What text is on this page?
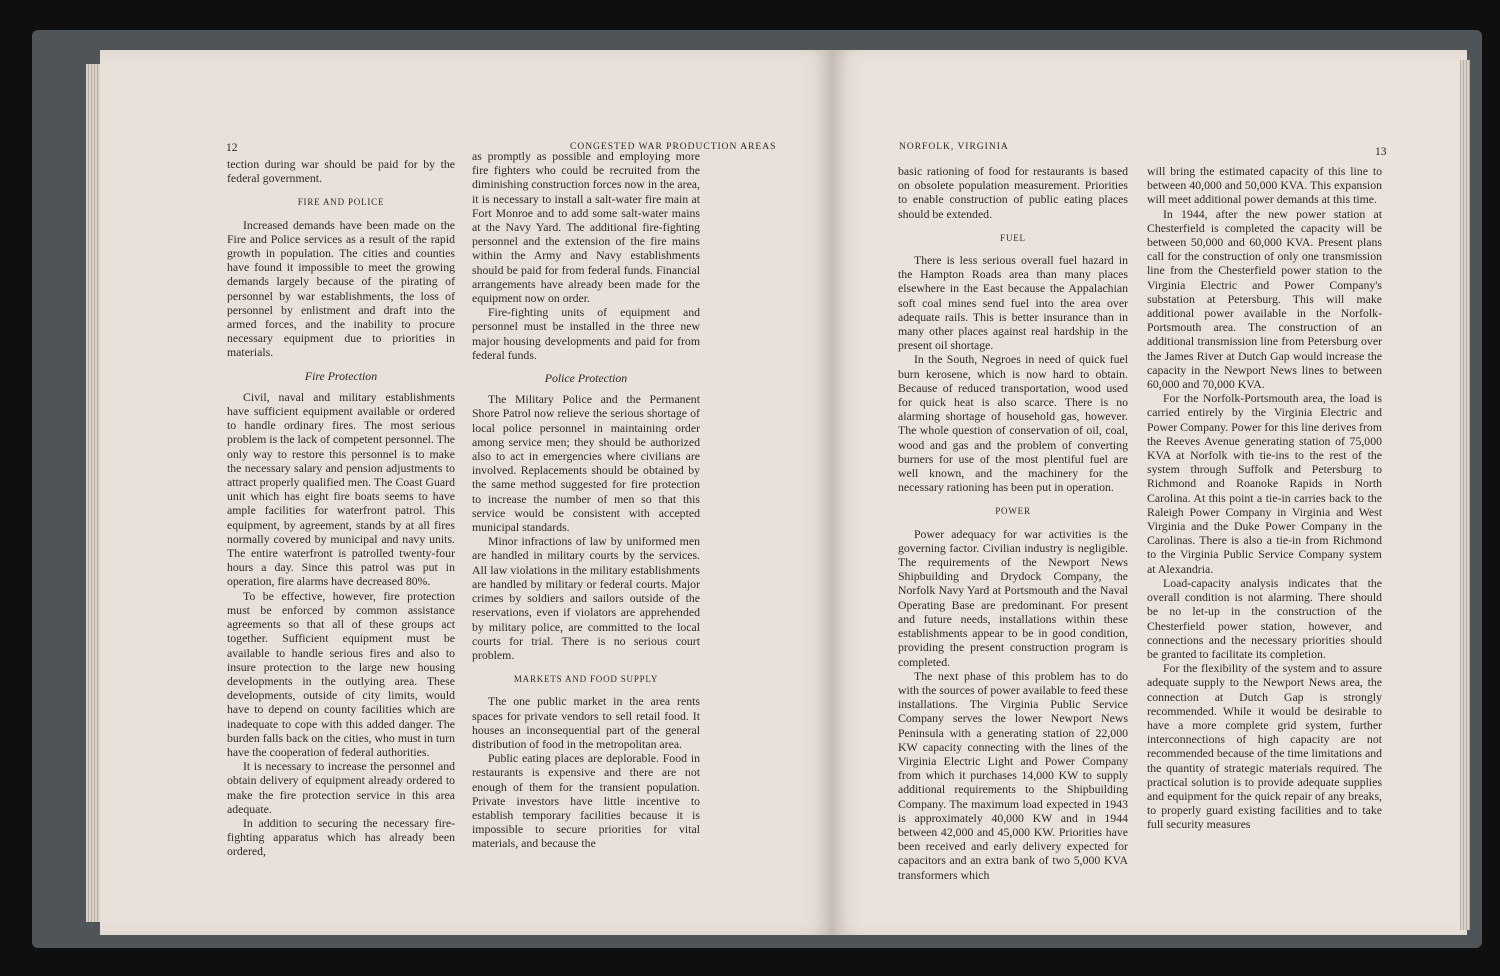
12	CONGESTED WAR PRODUCTION AREAS

tection during war should be paid for by the federal government.

FIRE AND POLICE

Increased demands have been made on the Fire and Police services as a result of the rapid growth in population. The cities and counties have found it impossible to meet the growing demands largely because of the pirating of personnel by war establishments, the loss of personnel by enlistment and draft into the armed forces, and the inability to procure necessary equipment due to priorities in materials.

Fire Protection

Civil, naval and military establishments have sufficient equipment available or ordered to handle ordinary fires. The most serious problem is the lack of competent personnel. The only way to restore this personnel is to make the necessary salary and pension adjustments to attract properly qualified men. The Coast Guard unit which has eight fire boats seems to have ample facilities for waterfront patrol. This equipment, by agreement, stands by at all fires normally covered by municipal and navy units. The entire waterfront is patrolled twenty-four hours a day. Since this patrol was put in operation, fire alarms have decreased 80%.

To be effective, however, fire protection must be enforced by common assistance agreements so that all of these groups act together. Sufficient equipment must be available to handle serious fires and also to insure protection to the large new housing developments in the outlying area. These developments, outside of city limits, would have to depend on county facilities which are inadequate to cope with this added danger. The burden falls back on the cities, who must in turn have the cooperation of federal authorities.

It is necessary to increase the personnel and obtain delivery of equipment already ordered to make the fire protection service in this area adequate.

In addition to securing the necessary fire-fighting apparatus which has already been ordered,

as promptly as possible and employing more fire fighters who could be recruited from the diminishing construction forces now in the area, it is necessary to install a salt-water fire main at Fort Monroe and to add some salt-water mains at the Navy Yard. The additional fire-fighting personnel and the extension of the fire mains within the Army and Navy establishments should be paid for from federal funds. Financial arrangements have already been made for the equipment now on order.

Fire-fighting units of equipment and personnel must be installed in the three new major housing developments and paid for from federal funds.

Police Protection

The Military Police and the Permanent Shore Patrol now relieve the serious shortage of local police personnel in maintaining order among service men; they should be authorized also to act in emergencies where civilians are involved. Replacements should be obtained by the same method suggested for fire protection to increase the number of men so that this service would be consistent with accepted municipal standards.

Minor infractions of law by uniformed men are handled in military courts by the services. All law violations in the military establishments are handled by military or federal courts. Major crimes by soldiers and sailors outside of the reservations, even if violators are apprehended by military police, are committed to the local courts for trial. There is no serious court problem.

MARKETS AND FOOD SUPPLY

The one public market in the area rents spaces for private vendors to sell retail food. It houses an inconsequential part of the general distribution of food in the metropolitan area.

Public eating places are deplorable. Food in restaurants is expensive and there are not enough of them for the transient population. Private investors have little incentive to establish temporary facilities because it is impossible to secure priorities for vital materials, and because the

NORFOLK, VIRGINIA	13

basic rationing of food for restaurants is based on obsolete population measurement. Priorities to enable construction of public eating places should be extended.

FUEL

There is less serious overall fuel hazard in the Hampton Roads area than many places elsewhere in the East because the Appalachian soft coal mines send fuel into the area over adequate rails. This is better insurance than in many other places against real hardship in the present oil shortage.

In the South, Negroes in need of quick fuel burn kerosene, which is now hard to obtain. Because of reduced transportation, wood used for quick heat is also scarce. There is no alarming shortage of household gas, however. The whole question of conservation of oil, coal, wood and gas and the problem of converting burners for use of the most plentiful fuel are well known, and the machinery for the necessary rationing has been put in operation.

POWER

Power adequacy for war activities is the governing factor. Civilian industry is negligible. The requirements of the Newport News Shipbuilding and Drydock Company, the Norfolk Navy Yard at Portsmouth and the Naval Operating Base are predominant. For present and future needs, installations within these establishments appear to be in good condition, providing the present construction program is completed.

The next phase of this problem has to do with the sources of power available to feed these installations. The Virginia Public Service Company serves the lower Newport News Peninsula with a generating station of 22,000 KW capacity connecting with the lines of the Virginia Electric Light and Power Company from which it purchases 14,000 KW to supply additional requirements to the Shipbuilding Company. The maximum load expected in 1943 is approximately 40,000 KW and in 1944 between 42,000 and 45,000 KW. Priorities have been received and early delivery expected for capacitors and an extra bank of two 5,000 KVA transformers which

will bring the estimated capacity of this line to between 40,000 and 50,000 KVA. This expansion will meet additional power demands at this time.

In 1944, after the new power station at Chesterfield is completed the capacity will be between 50,000 and 60,000 KVA. Present plans call for the construction of only one transmission line from the Chesterfield power station to the Virginia Electric and Power Company's substation at Petersburg. This will make additional power available in the Norfolk-Portsmouth area. The construction of an additional transmission line from Petersburg over the James River at Dutch Gap would increase the capacity in the Newport News lines to between 60,000 and 70,000 KVA.

For the Norfolk-Portsmouth area, the load is carried entirely by the Virginia Electric and Power Company. Power for this line derives from the Reeves Avenue generating station of 75,000 KVA at Norfolk with tie-ins to the rest of the system through Suffolk and Petersburg to Richmond and Roanoke Rapids in North Carolina. At this point a tie-in carries back to the Raleigh Power Company in Virginia and West Virginia and the Duke Power Company in the Carolinas. There is also a tie-in from Richmond to the Virginia Public Service Company system at Alexandria.

Load-capacity analysis indicates that the overall condition is not alarming. There should be no let-up in the construction of the Chesterfield power station, however, and connections and the necessary priorities should be granted to facilitate its completion.

For the flexibility of the system and to assure adequate supply to the Newport News area, the connection at Dutch Gap is strongly recommended. While it would be desirable to have a more complete grid system, further interconnections of high capacity are not recommended because of the time limitations and the quantity of strategic materials required. The practical solution is to provide adequate supplies and equipment for the quick repair of any breaks, to properly guard existing facilities and to take full security measures
